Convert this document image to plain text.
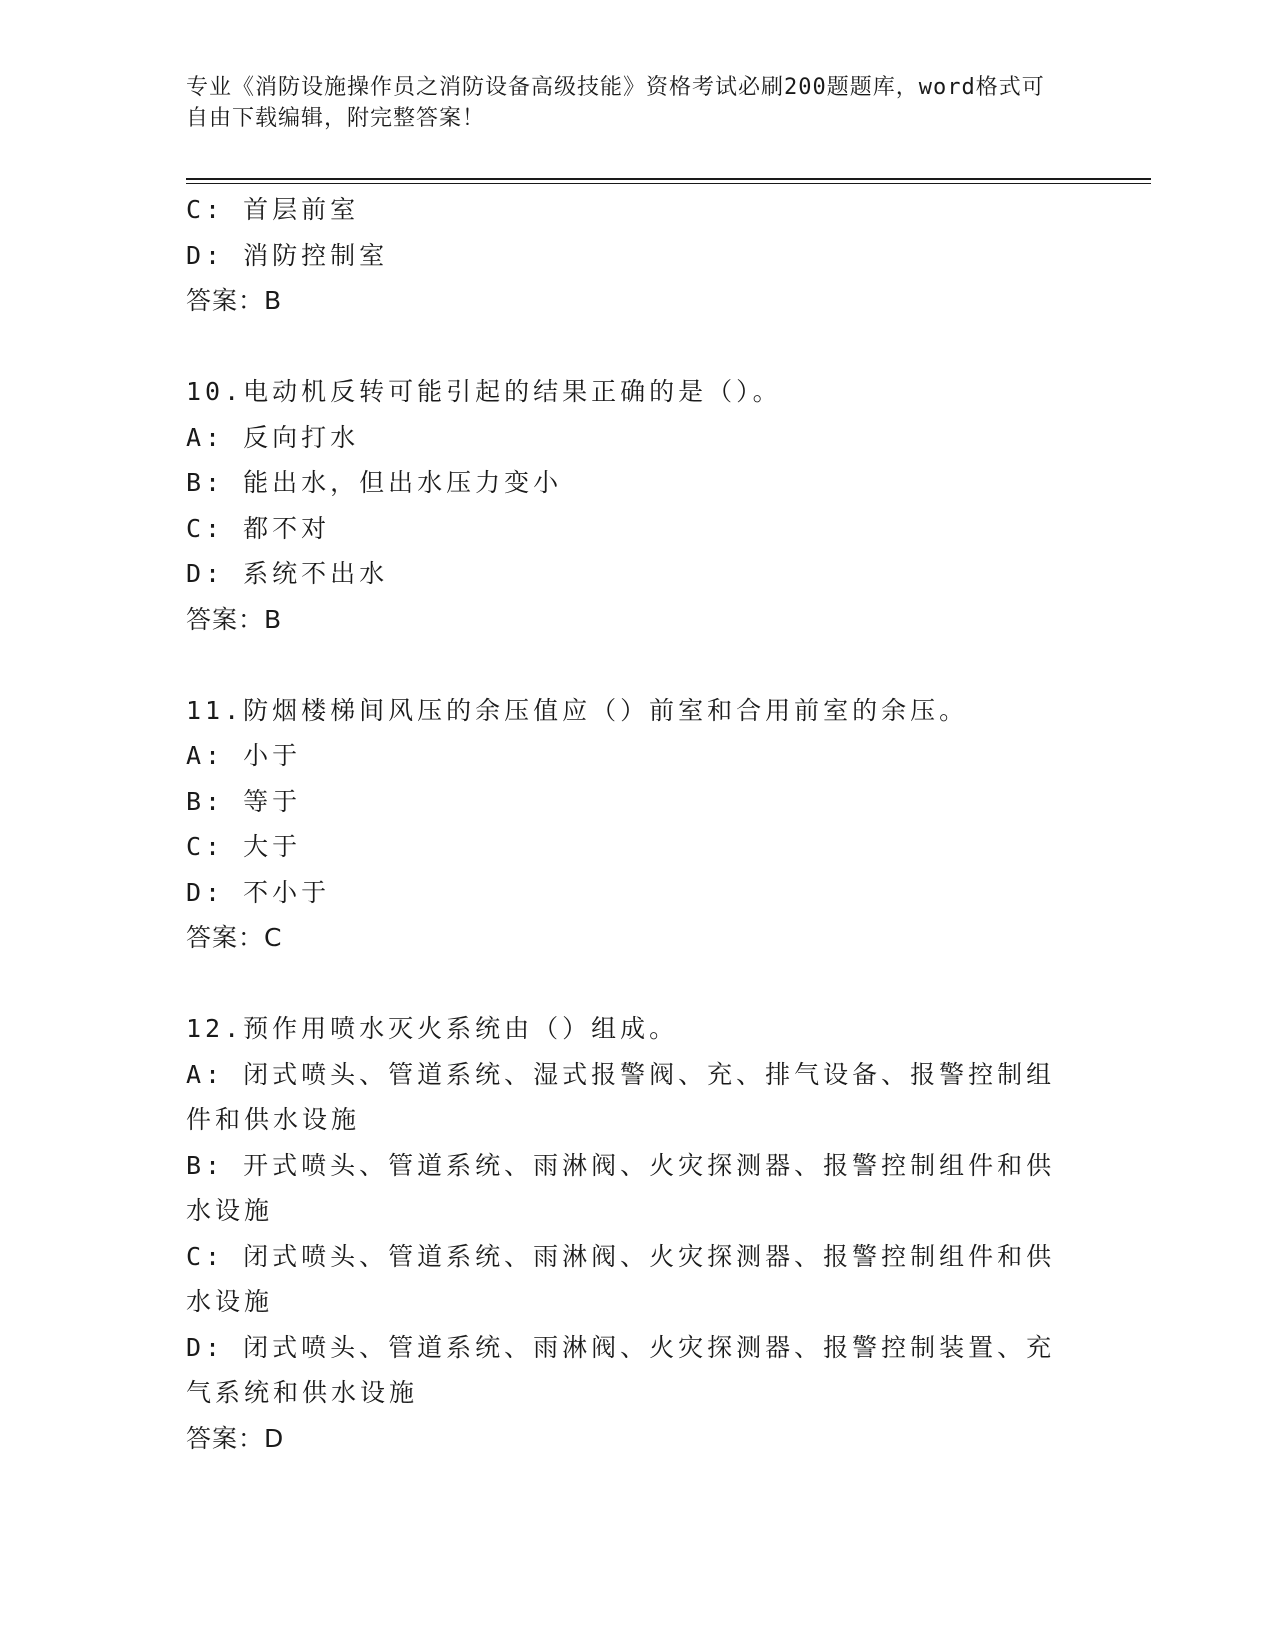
专业《消防设施操作员之消防设备高级技能》资格考试必刷200题题库，word格式可自由下载编辑，附完整答案！
C: 首层前室
D: 消防控制室
答案：B
10.电动机反转可能引起的结果正确的是（）。
A: 反向打水
B: 能出水，但出水压力变小
C: 都不对
D: 系统不出水
答案：B
11.防烟楼梯间风压的余压值应（）前室和合用前室的余压。
A: 小于
B: 等于
C: 大于
D: 不小于
答案：C
12.预作用喷水灭火系统由（）组成。
A: 闭式喷头、管道系统、湿式报警阀、充、排气设备、报警控制组件和供水设施
B: 开式喷头、管道系统、雨淋阀、火灾探测器、报警控制组件和供水设施
C: 闭式喷头、管道系统、雨淋阀、火灾探测器、报警控制组件和供水设施
D: 闭式喷头、管道系统、雨淋阀、火灾探测器、报警控制装置、充气系统和供水设施
答案：D
